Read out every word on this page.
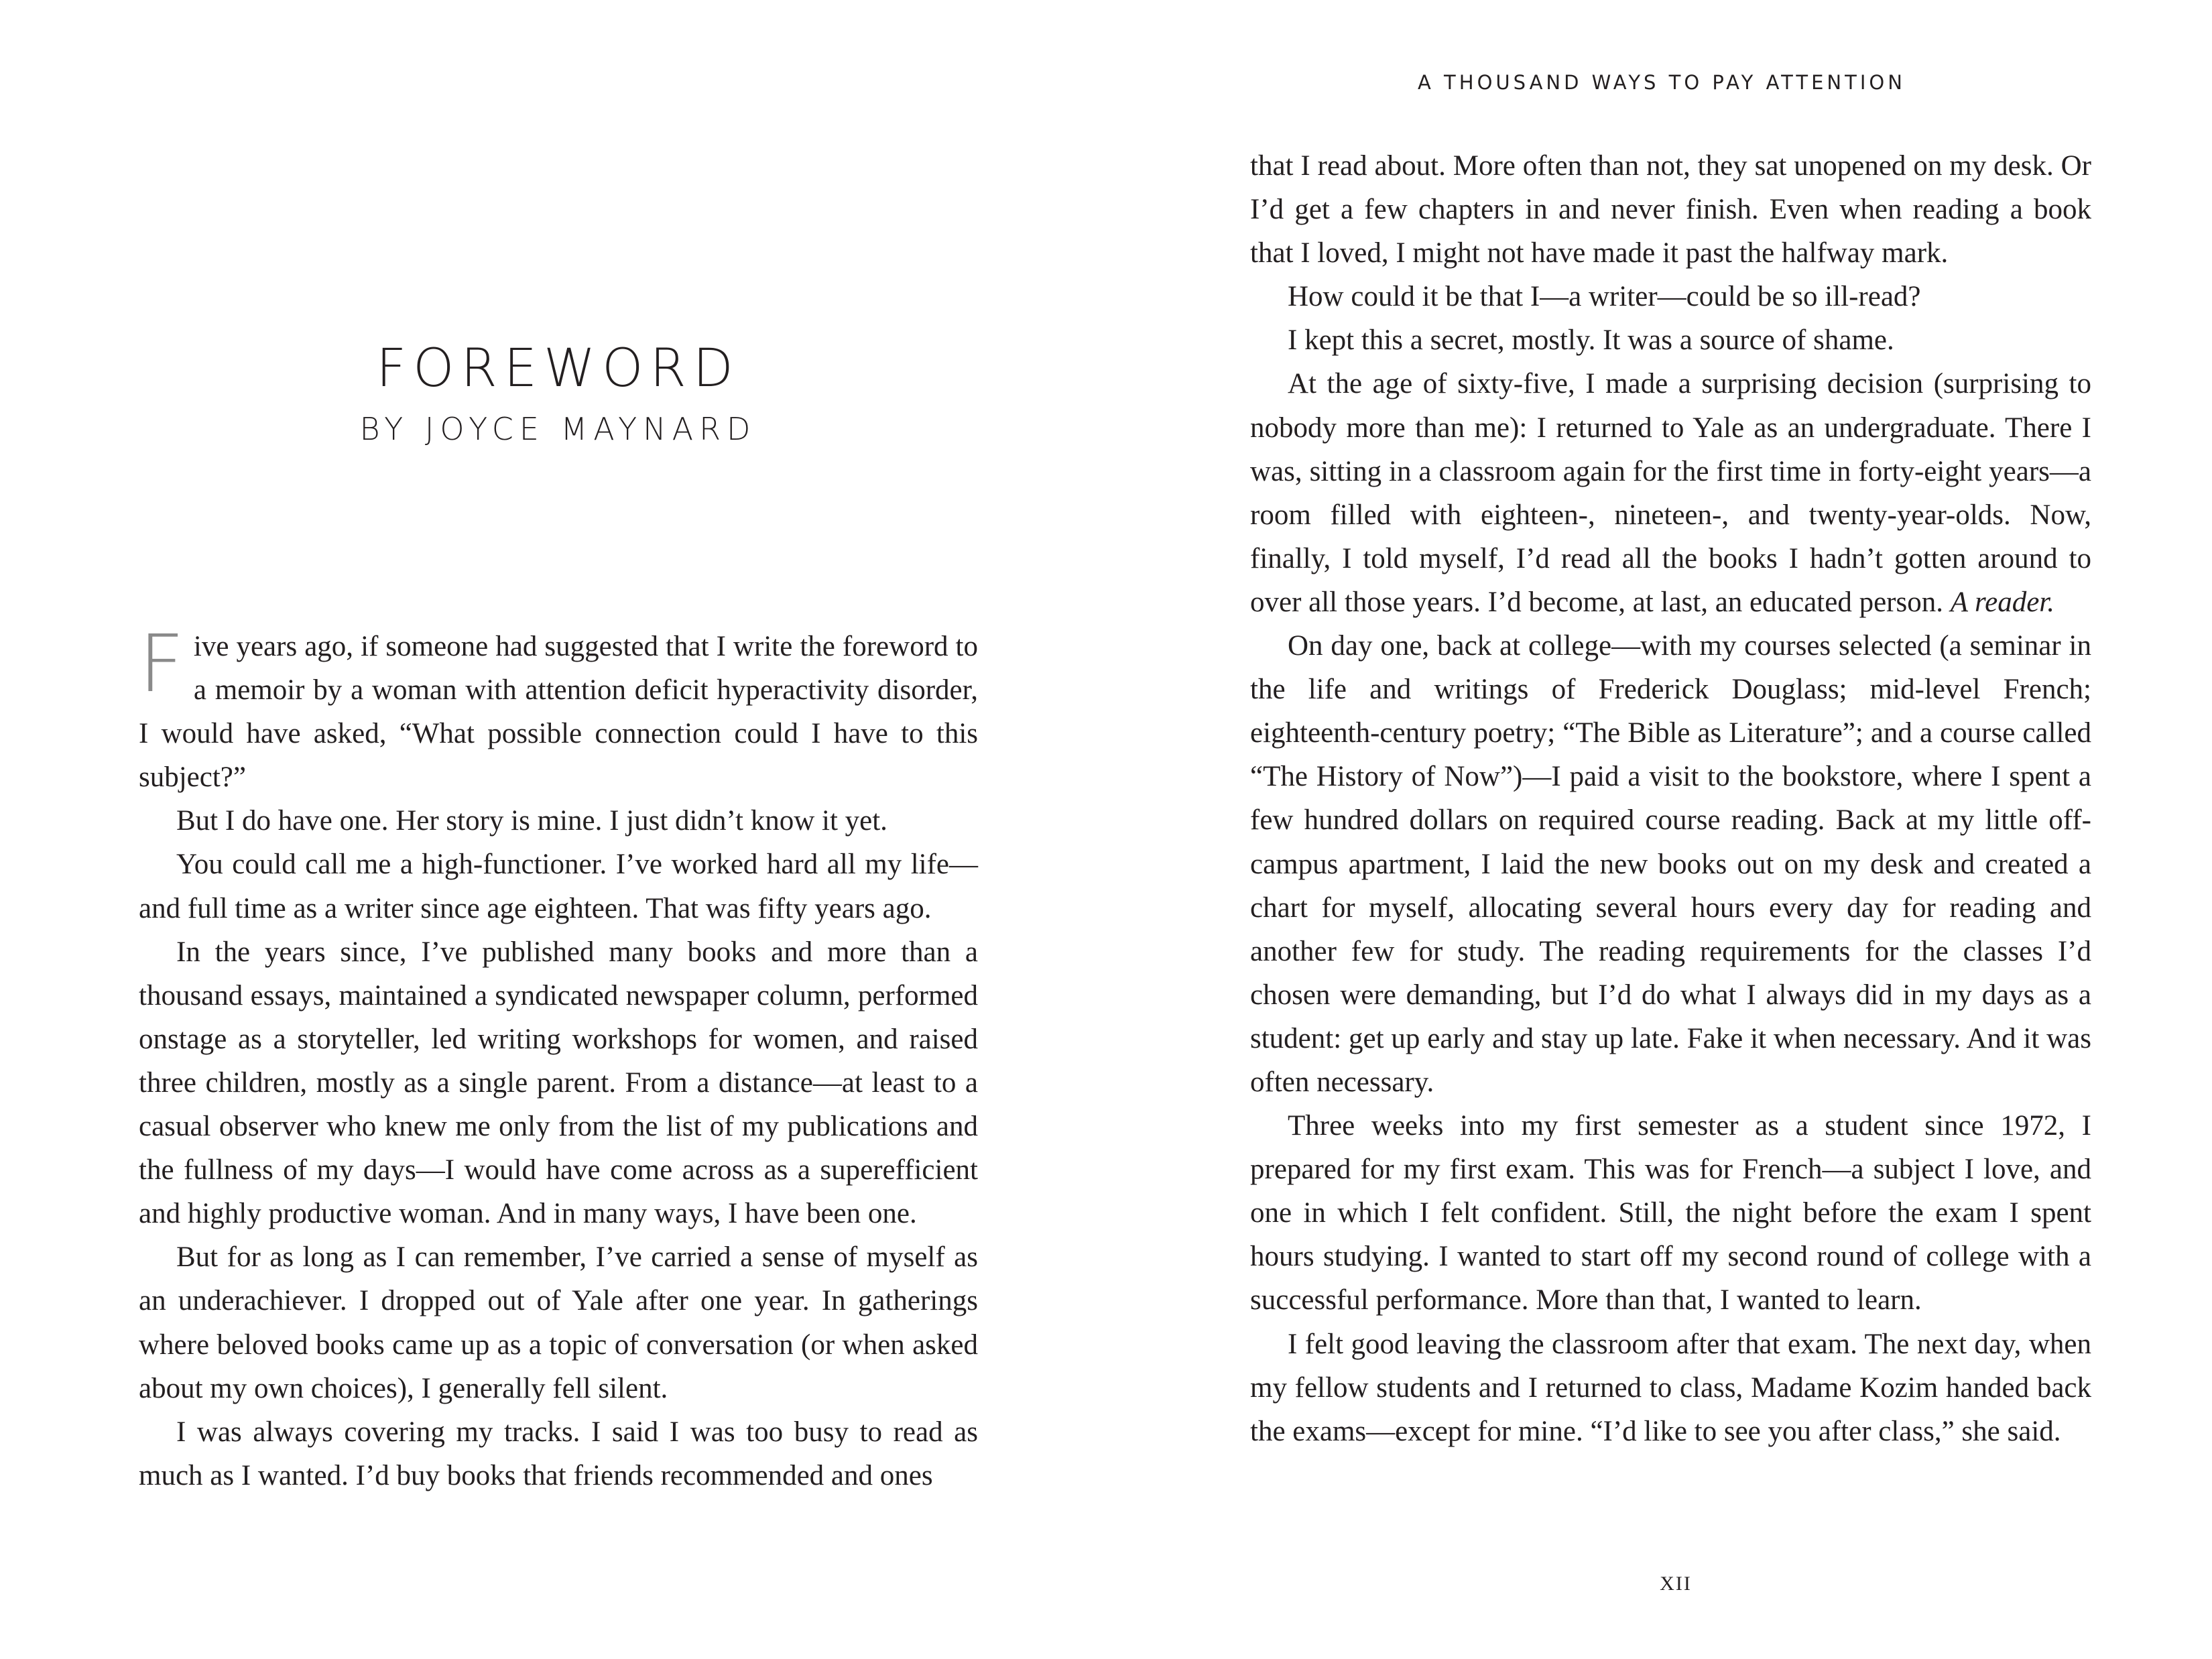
FOREWORD
BY JOYCE MAYNARD

Five years ago, if someone had suggested that I write the foreword to a memoir by a woman with attention deficit hyperactivity disorder, I would have asked, “What possible connection could I have to this subject?”

But I do have one. Her story is mine. I just didn’t know it yet.

You could call me a high-functioner. I’ve worked hard all my life—and full time as a writer since age eighteen. That was fifty years ago.

In the years since, I’ve published many books and more than a thousand essays, maintained a syndicated newspaper column, performed onstage as a storyteller, led writing workshops for women, and raised three children, mostly as a single parent. From a distance—at least to a casual observer who knew me only from the list of my publications and the fullness of my days—I would have come across as a superefficient and highly productive woman. And in many ways, I have been one.

But for as long as I can remember, I’ve carried a sense of myself as an underachiever. I dropped out of Yale after one year. In gatherings where beloved books came up as a topic of conversation (or when asked about my own choices), I generally fell silent.

I was always covering my tracks. I said I was too busy to read as much as I wanted. I’d buy books that friends recommended and ones

A THOUSAND WAYS TO PAY ATTENTION

that I read about. More often than not, they sat unopened on my desk. Or I’d get a few chapters in and never finish. Even when reading a book that I loved, I might not have made it past the halfway mark.

How could it be that I—a writer—could be so ill-read?

I kept this a secret, mostly. It was a source of shame.

At the age of sixty-five, I made a surprising decision (surprising to nobody more than me): I returned to Yale as an undergraduate. There I was, sitting in a classroom again for the first time in forty-eight years—a room filled with eighteen-, nineteen-, and twenty-year-olds. Now, finally, I told myself, I’d read all the books I hadn’t gotten around to over all those years. I’d become, at last, an educated person. A reader.

On day one, back at college—with my courses selected (a seminar in the life and writings of Frederick Douglass; mid-level French; eighteenth-century poetry; “The Bible as Literature”; and a course called “The History of Now”)—I paid a visit to the bookstore, where I spent a few hundred dollars on required course reading. Back at my little off-campus apartment, I laid the new books out on my desk and created a chart for myself, allocating several hours every day for reading and another few for study. The reading requirements for the classes I’d chosen were demanding, but I’d do what I always did in my days as a student: get up early and stay up late. Fake it when necessary. And it was often necessary.

Three weeks into my first semester as a student since 1972, I prepared for my first exam. This was for French—a subject I love, and one in which I felt confident. Still, the night before the exam I spent hours studying. I wanted to start off my second round of college with a successful performance. More than that, I wanted to learn.

I felt good leaving the classroom after that exam. The next day, when my fellow students and I returned to class, Madame Kozim handed back the exams—except for mine. “I’d like to see you after class,” she said.

XII
